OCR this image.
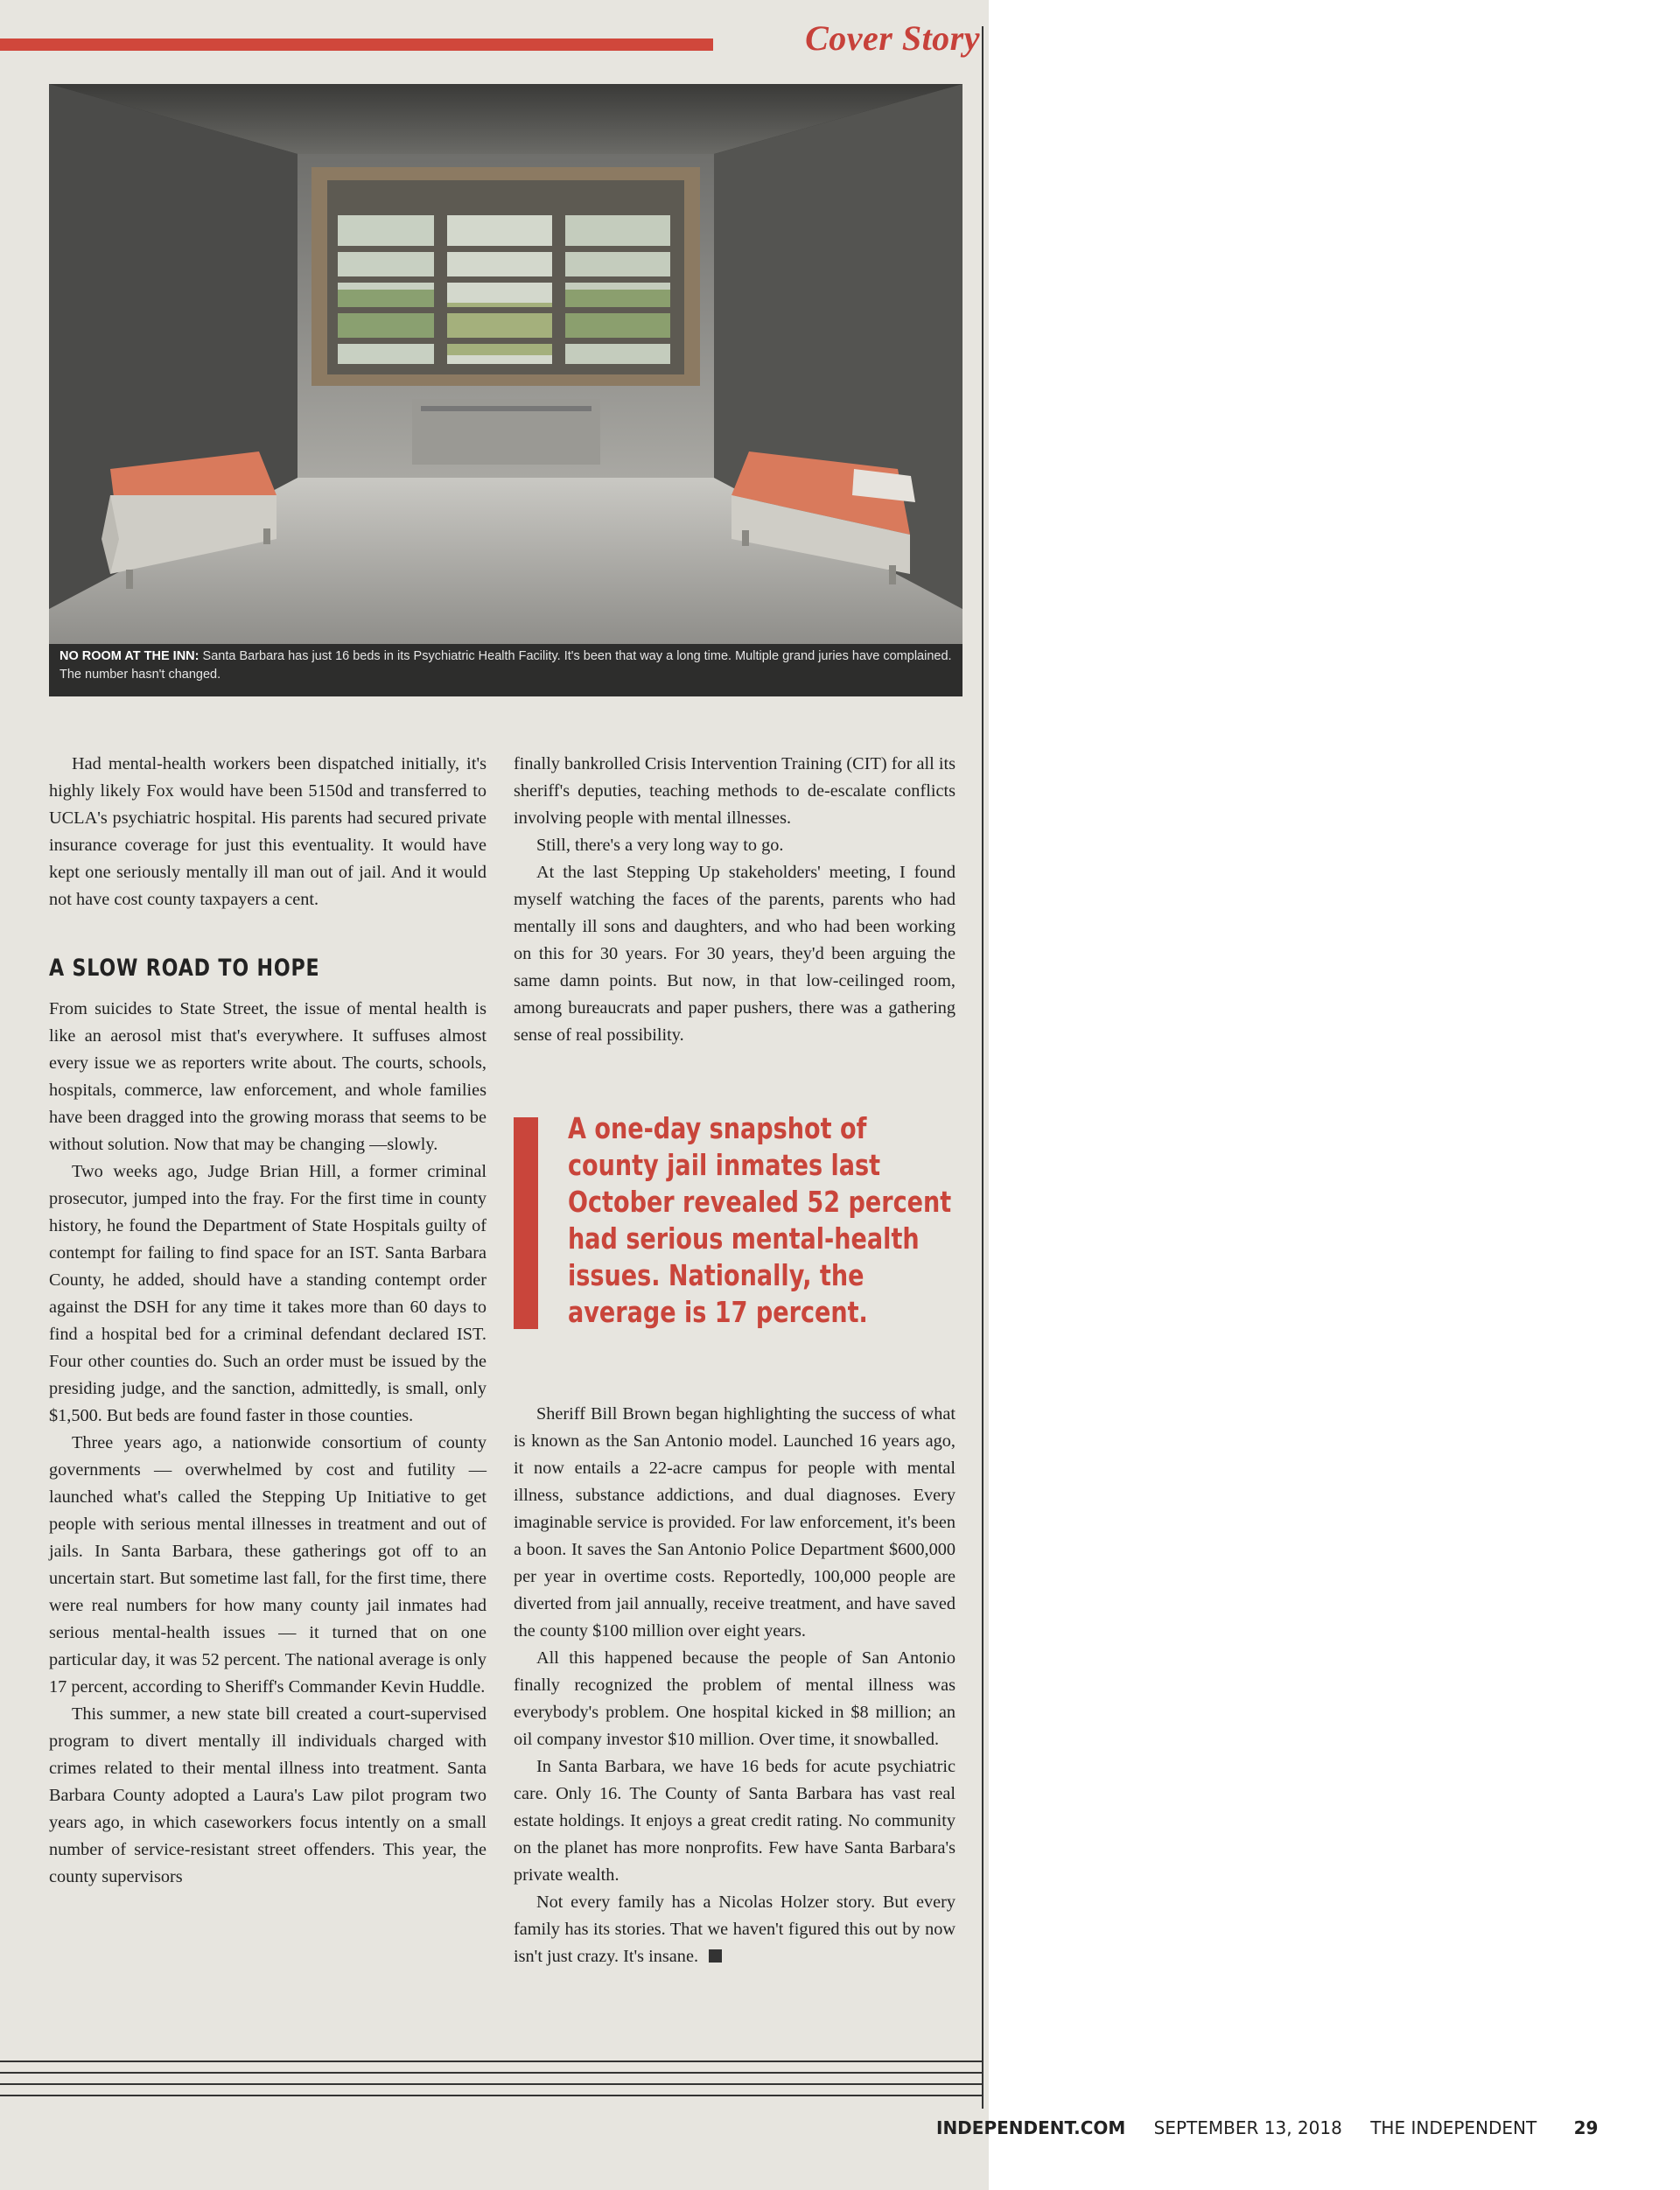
Cover Story
NO ROOM AT THE INN: Santa Barbara has just 16 beds in its Psychiatric Health Facility. It's been that way a long time. Multiple grand juries have complained. The number hasn't changed.

Had mental-health workers been dispatched initially, it's highly likely Fox would have been 5150d and transferred to UCLA's psychiatric hospital. His parents had secured private insurance coverage for just this eventuality. It would have kept one seriously mentally ill man out of jail. And it would not have cost county taxpayers a cent.

A SLOW ROAD TO HOPE

From suicides to State Street, the issue of mental health is like an aerosol mist that's everywhere. It suffuses almost every issue we as reporters write about. The courts, schools, hospitals, commerce, law enforcement, and whole families have been dragged into the growing morass that seems to be without solution. Now that may be changing —slowly.

Two weeks ago, Judge Brian Hill, a former criminal prosecutor, jumped into the fray. For the first time in county history, he found the Department of State Hospitals guilty of contempt for failing to find space for an IST. Santa Barbara County, he added, should have a standing contempt order against the DSH for any time it takes more than 60 days to find a hospital bed for a criminal defendant declared IST. Four other counties do. Such an order must be issued by the presiding judge, and the sanction, admittedly, is small, only $1,500. But beds are found faster in those counties.

Three years ago, a nationwide consortium of county governments — overwhelmed by cost and futility — launched what's called the Stepping Up Initiative to get people with serious mental illnesses in treatment and out of jails. In Santa Barbara, these gatherings got off to an uncertain start. But sometime last fall, for the first time, there were real numbers for how many county jail inmates had serious mental-health issues — it turned that on one particular day, it was 52 percent. The national average is only 17 percent, according to Sheriff's Commander Kevin Huddle.

This summer, a new state bill created a court-supervised program to divert mentally ill individuals charged with crimes related to their mental illness into treatment. Santa Barbara County adopted a Laura's Law pilot program two years ago, in which caseworkers focus intently on a small number of service-resistant street offenders. This year, the county supervisors

finally bankrolled Crisis Intervention Training (CIT) for all its sheriff's deputies, teaching methods to de-escalate conflicts involving people with mental illnesses.

Still, there's a very long way to go.

At the last Stepping Up stakeholders' meeting, I found myself watching the faces of the parents, parents who had mentally ill sons and daughters, and who had been working on this for 30 years. For 30 years, they'd been arguing the same damn points. But now, in that low-ceilinged room, among bureaucrats and paper pushers, there was a gathering sense of real possibility.

A one-day snapshot of county jail inmates last October revealed 52 percent had serious mental-health issues. Nationally, the average is 17 percent.

Sheriff Bill Brown began highlighting the success of what is known as the San Antonio model. Launched 16 years ago, it now entails a 22-acre campus for people with mental illness, substance addictions, and dual diagnoses. Every imaginable service is provided. For law enforcement, it's been a boon. It saves the San Antonio Police Department $600,000 per year in overtime costs. Reportedly, 100,000 people are diverted from jail annually, receive treatment, and have saved the county $100 million over eight years.

All this happened because the people of San Antonio finally recognized the problem of mental illness was everybody's problem. One hospital kicked in $8 million; an oil company investor $10 million. Over time, it snowballed.

In Santa Barbara, we have 16 beds for acute psychiatric care. Only 16. The County of Santa Barbara has vast real estate holdings. It enjoys a great credit rating. No community on the planet has more nonprofits. Few have Santa Barbara's private wealth.

Not every family has a Nicolas Holzer story. But every family has its stories. That we haven't figured this out by now isn't just crazy. It's insane.

INDEPENDENT.COM SEPTEMBER 13, 2018 THE INDEPENDENT 29
